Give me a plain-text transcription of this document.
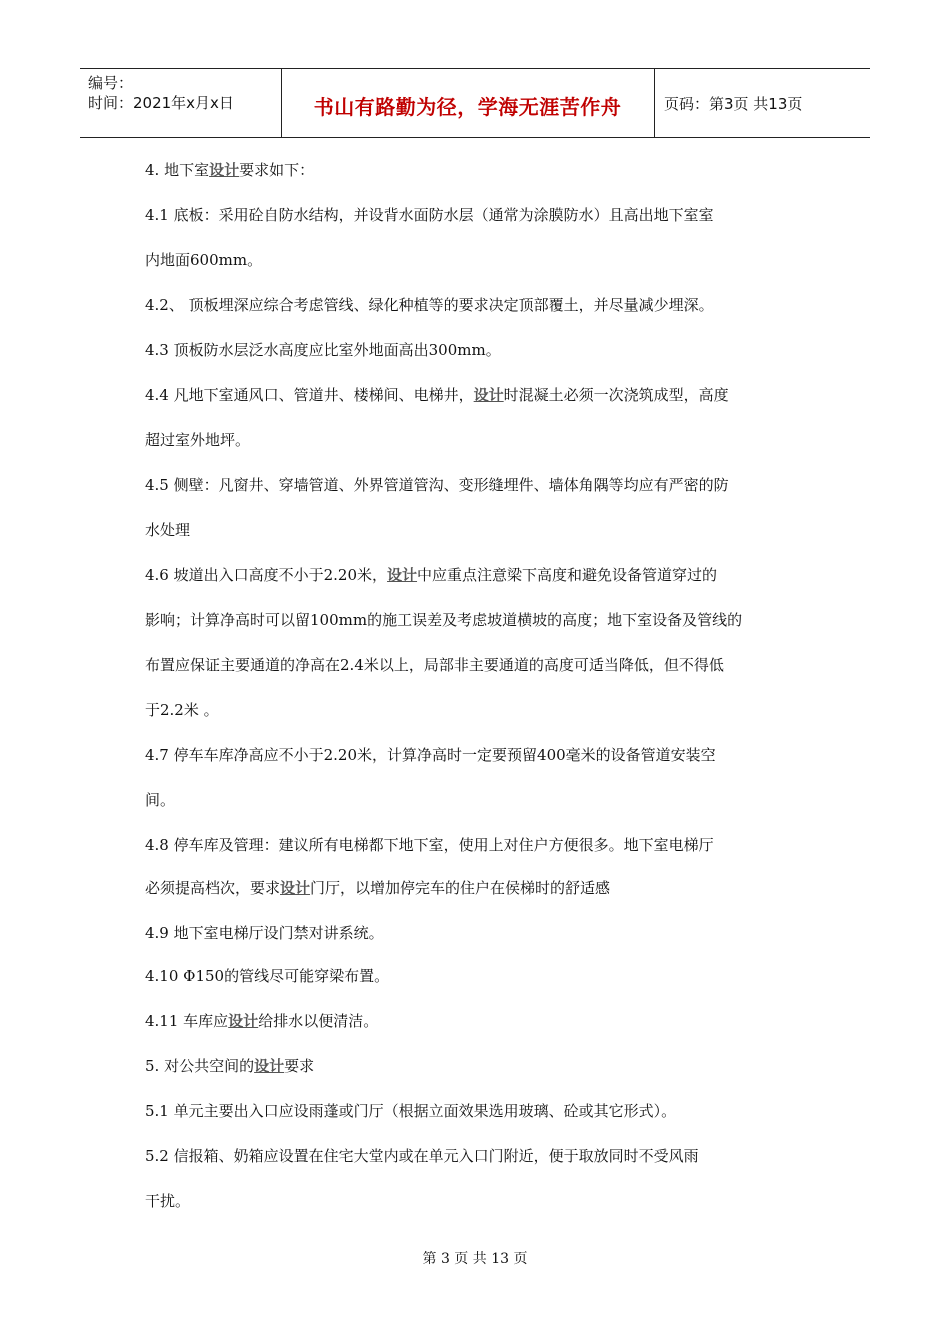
编号：
时间：2021年x月x日	书山有路勤为径，学海无涯苦作舟	页码：第3页 共13页
4. 地下室设计要求如下：
4.1 底板：采用砼自防水结构，并设背水面防水层（通常为涂膜防水）且高出地下室室
内地面600mm。
4.2、 顶板埋深应综合考虑管线、绿化种植等的要求决定顶部覆土，并尽量减少埋深。
4.3 顶板防水层泛水高度应比室外地面高出300mm。
4.4 凡地下室通风口、管道井、楼梯间、电梯井，设计时混凝土必须一次浇筑成型，高度
超过室外地坪。
4.5 侧壁：凡窗井、穿墙管道、外界管道管沟、变形缝埋件、墙体角隅等均应有严密的防
水处理
4.6 坡道出入口高度不小于2.20米，设计中应重点注意梁下高度和避免设备管道穿过的
影响；计算净高时可以留100mm的施工误差及考虑坡道横坡的高度；地下室设备及管线的
布置应保证主要通道的净高在2.4米以上，局部非主要通道的高度可适当降低，但不得低
于2.2米 。
4.7 停车车库净高应不小于2.20米，计算净高时一定要预留400毫米的设备管道安装空
间。
4.8 停车库及管理：建议所有电梯都下地下室，使用上对住户方便很多。地下室电梯厅
必须提高档次，要求设计门厅，以增加停完车的住户在侯梯时的舒适感
4.9 地下室电梯厅设门禁对讲系统。
4.10 Φ150的管线尽可能穿梁布置。
4.11 车库应设计给排水以便清洁。
5. 对公共空间的设计要求
5.1 单元主要出入口应设雨蓬或门厅（根据立面效果选用玻璃、砼或其它形式）。
5.2 信报箱、奶箱应设置在住宅大堂内或在单元入口门附近，便于取放同时不受风雨
干扰。
第 3 页 共 13 页
